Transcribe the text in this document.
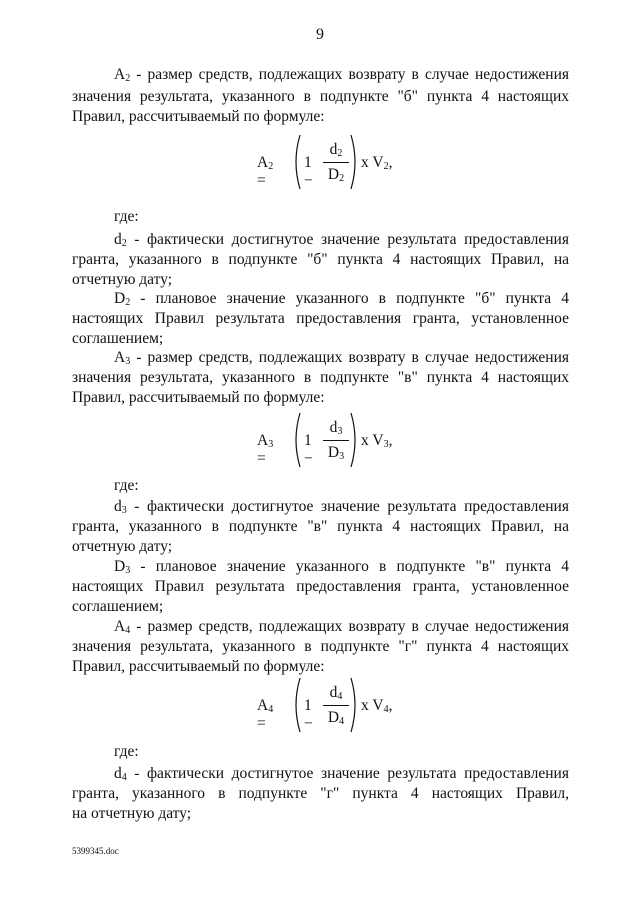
9
$A_2$ - размер средств, подлежащих возврату в случае недостижения
значения результата, указанного в подпункте "б" пункта 4 настоящих
Правил, рассчитываемый по формуле:
$A_2$ =
1 −
$d_2$
$D_2$
x $V_2$,
где:
$d_2$ - фактически достигнутое значение результата предоставления
гранта, указанного в подпункте "б" пункта 4 настоящих Правил, на
отчетную дату;
$D_2$ - плановое значение указанного в подпункте "б" пункта 4
настоящих Правил результата предоставления гранта, установленное
соглашением;
$A_3$ - размер средств, подлежащих возврату в случае недостижения
значения результата, указанного в подпункте "в" пункта 4 настоящих
Правил, рассчитываемый по формуле:
$A_3$ =
1 −
$d_3$
$D_3$
x $V_3$,
где:
$d_3$ - фактически достигнутое значение результата предоставления
гранта, указанного в подпункте "в" пункта 4 настоящих Правил, на
отчетную дату;
$D_3$ - плановое значение указанного в подпункте "в" пункта 4
настоящих Правил результата предоставления гранта, установленное
соглашением;
$A_4$ - размер средств, подлежащих возврату в случае недостижения
значения результата, указанного в подпункте "г" пункта 4 настоящих
Правил, рассчитываемый по формуле:
$A_4$ =
1 −
$d_4$
$D_4$
x $V_4$,
где:
$d_4$ - фактически достигнутое значение результата предоставления
гранта, указанного в подпункте "г" пункта 4 настоящих Правил,
на отчетную дату;
5399345.doc
